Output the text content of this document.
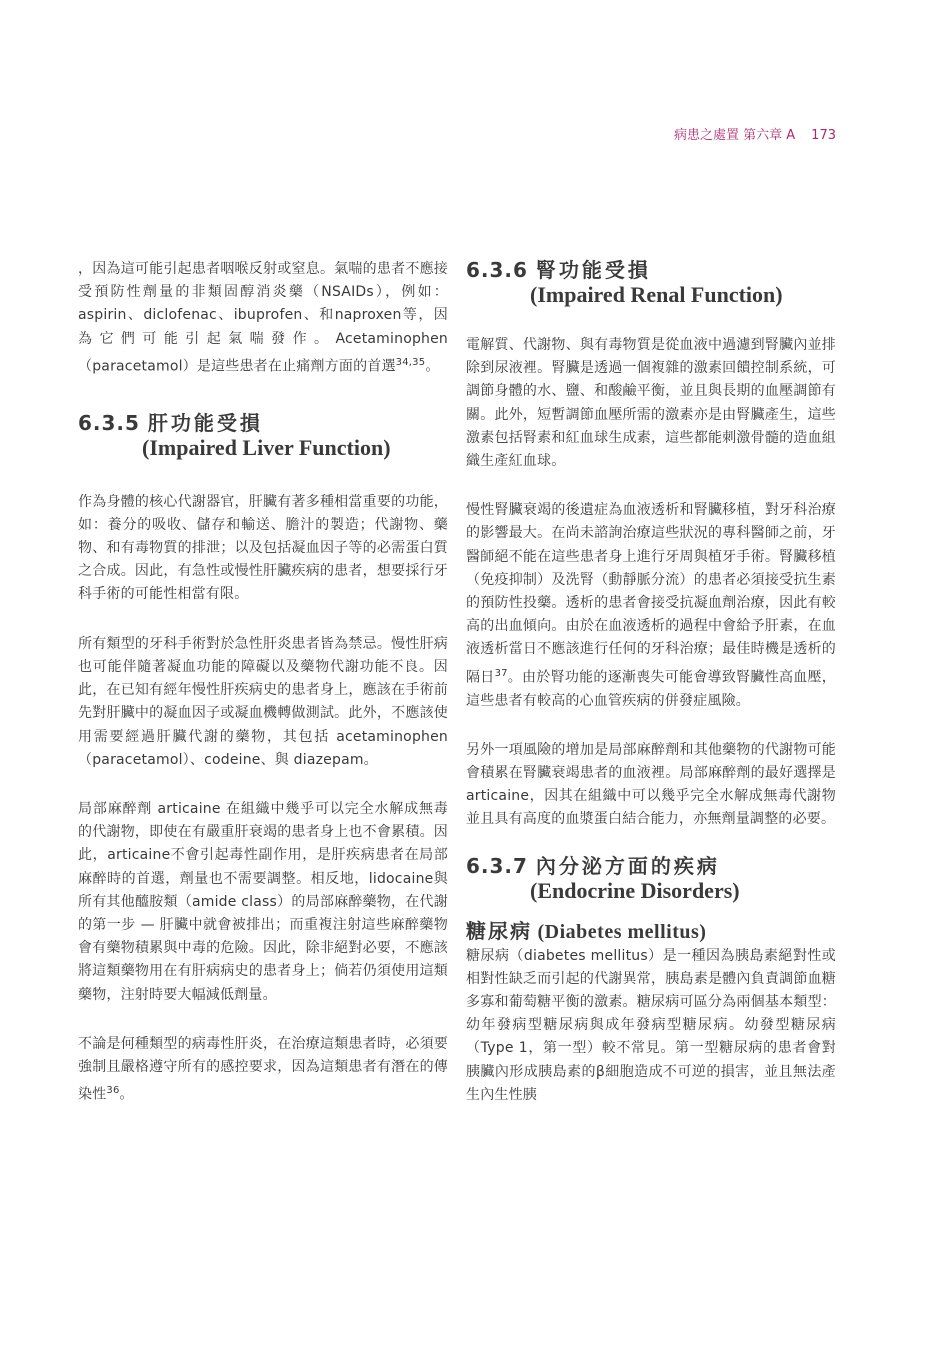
病患之處置 第六章 A 173

，因為這可能引起患者咽喉反射或窒息。氣喘的患者不應接受預防性劑量的非類固醇消炎藥（NSAIDs），例如：aspirin、diclofenac、ibuprofen、和naproxen等，因為它們可能引起氣喘發作。Acetaminophen（paracetamol）是這些患者在止痛劑方面的首選$^{34,35}$。

6.3.5 肝功能受損
(Impaired Liver Function)

作為身體的核心代謝器官，肝臟有著多種相當重要的功能，如：養分的吸收、儲存和輸送、膽汁的製造；代謝物、藥物、和有毒物質的排泄；以及包括凝血因子等的必需蛋白質之合成。因此，有急性或慢性肝臟疾病的患者，想要採行牙科手術的可能性相當有限。

所有類型的牙科手術對於急性肝炎患者皆為禁忌。慢性肝病也可能伴隨著凝血功能的障礙以及藥物代謝功能不良。因此，在已知有經年慢性肝疾病史的患者身上，應該在手術前先對肝臟中的凝血因子或凝血機轉做測試。此外，不應該使用需要經過肝臟代謝的藥物，其包括 acetaminophen（paracetamol）、codeine、與 diazepam。

局部麻醉劑 articaine 在組織中幾乎可以完全水解成無毒的代謝物，即使在有嚴重肝衰竭的患者身上也不會累積。因此，articaine不會引起毒性副作用，是肝疾病患者在局部麻醉時的首選，劑量也不需要調整。相反地，lidocaine與所有其他醯胺類（amide class）的局部麻醉藥物，在代謝的第一步 — 肝臟中就會被排出；而重複注射這些麻醉藥物會有藥物積累與中毒的危險。因此，除非絕對必要，不應該將這類藥物用在有肝病病史的患者身上；倘若仍須使用這類藥物，注射時要大幅減低劑量。

不論是何種類型的病毒性肝炎，在治療這類患者時，必須要強制且嚴格遵守所有的感控要求，因為這類患者有潛在的傳染性$^{36}$。

6.3.6 腎功能受損
(Impaired Renal Function)

電解質、代謝物、與有毒物質是從血液中過濾到腎臟內並排除到尿液裡。腎臟是透過一個複雜的激素回饋控制系統，可調節身體的水、鹽、和酸鹼平衡，並且與長期的血壓調節有關。此外，短暫調節血壓所需的激素亦是由腎臟產生，這些激素包括腎素和紅血球生成素，這些都能刺激骨髓的造血組織生產紅血球。

慢性腎臟衰竭的後遺症為血液透析和腎臟移植，對牙科治療的影響最大。在尚未諮詢治療這些狀況的專科醫師之前，牙醫師絕不能在這些患者身上進行牙周與植牙手術。腎臟移植（免疫抑制）及洗腎（動靜脈分流）的患者必須接受抗生素的預防性投藥。透析的患者會接受抗凝血劑治療，因此有較高的出血傾向。由於在血液透析的過程中會給予肝素，在血液透析當日不應該進行任何的牙科治療；最佳時機是透析的隔日$^{37}$。由於腎功能的逐漸喪失可能會導致腎臟性高血壓，這些患者有較高的心血管疾病的併發症風險。

另外一項風險的增加是局部麻醉劑和其他藥物的代謝物可能會積累在腎臟衰竭患者的血液裡。局部麻醉劑的最好選擇是 articaine，因其在組織中可以幾乎完全水解成無毒代謝物並且具有高度的血漿蛋白結合能力，亦無劑量調整的必要。

6.3.7 內分泌方面的疾病
(Endocrine Disorders)
糖尿病 (Diabetes mellitus)

糖尿病（diabetes mellitus）是一種因為胰島素絕對性或相對性缺乏而引起的代謝異常，胰島素是體內負責調節血糖多寡和葡萄糖平衡的激素。糖尿病可區分為兩個基本類型：幼年發病型糖尿病與成年發病型糖尿病。幼發型糖尿病（Type 1，第一型）較不常見。第一型糖尿病的患者會對胰臟內形成胰島素的β細胞造成不可逆的損害，並且無法產生內生性胰
